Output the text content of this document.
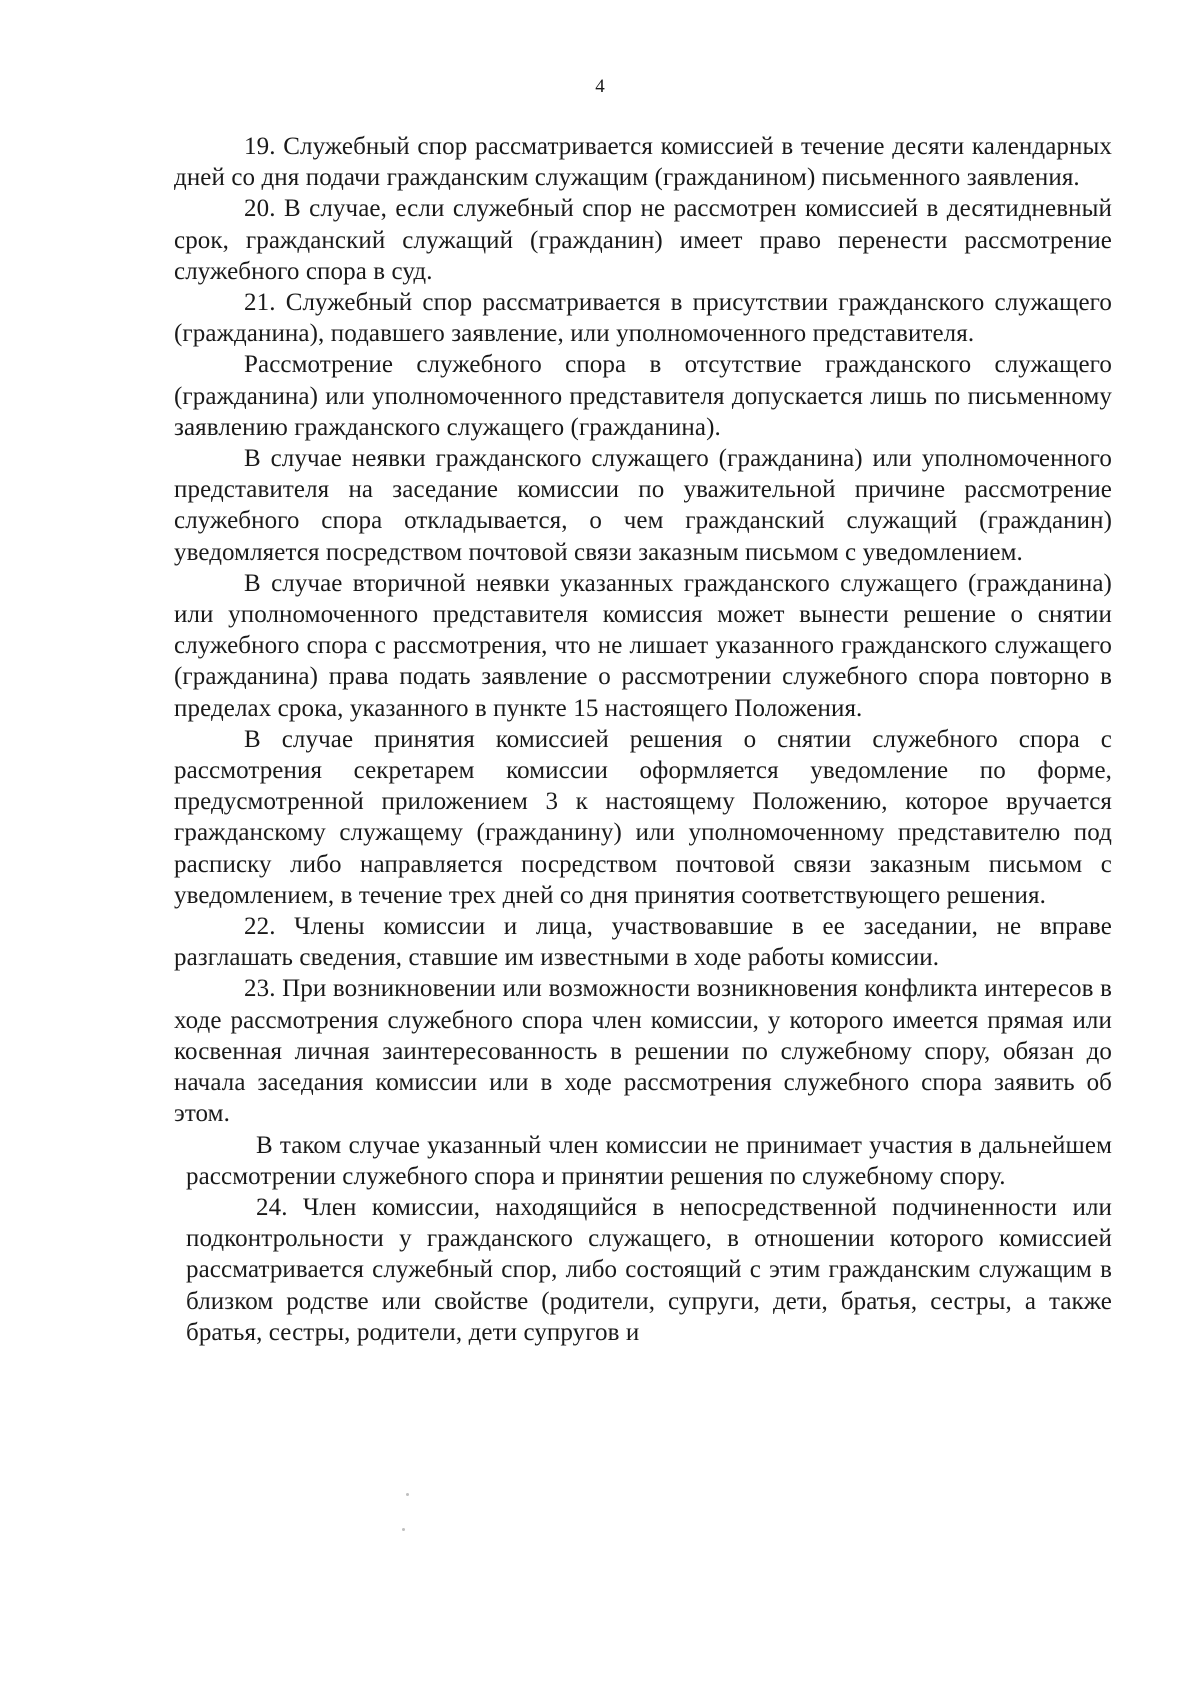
4

19. Служебный спор рассматривается комиссией в течение десяти календарных дней со дня подачи гражданским служащим (гражданином) письменного заявления.

20. В случае, если служебный спор не рассмотрен комиссией в десятидневный срок, гражданский служащий (гражданин) имеет право перенести рассмотрение служебного спора в суд.

21. Служебный спор рассматривается в присутствии гражданского служащего (гражданина), подавшего заявление, или уполномоченного представителя.

Рассмотрение служебного спора в отсутствие гражданского служащего (гражданина) или уполномоченного представителя допускается лишь по письменному заявлению гражданского служащего (гражданина).

В случае неявки гражданского служащего (гражданина) или уполномоченного представителя на заседание комиссии по уважительной причине рассмотрение служебного спора откладывается, о чем гражданский служащий (гражданин) уведомляется посредством почтовой связи заказным письмом с уведомлением.

В случае вторичной неявки указанных гражданского служащего (гражданина) или уполномоченного представителя комиссия может вынести решение о снятии служебного спора с рассмотрения, что не лишает указанного гражданского служащего (гражданина) права подать заявление о рассмотрении служебного спора повторно в пределах срока, указанного в пункте 15 настоящего Положения.

В случае принятия комиссией решения о снятии служебного спора с рассмотрения секретарем комиссии оформляется уведомление по форме, предусмотренной приложением 3 к настоящему Положению, которое вручается гражданскому служащему (гражданину) или уполномоченному представителю под расписку либо направляется посредством почтовой связи заказным письмом с уведомлением, в течение трех дней со дня принятия соответствующего решения.

22. Члены комиссии и лица, участвовавшие в ее заседании, не вправе разглашать сведения, ставшие им известными в ходе работы комиссии.

23. При возникновении или возможности возникновения конфликта интересов в ходе рассмотрения служебного спора член комиссии, у которого имеется прямая или косвенная личная заинтересованность в решении по служебному спору, обязан до начала заседания комиссии или в ходе рассмотрения служебного спора заявить об этом.

В таком случае указанный член комиссии не принимает участия в дальнейшем рассмотрении служебного спора и принятии решения по служебному спору.

24. Член комиссии, находящийся в непосредственной подчиненности или подконтрольности у гражданского служащего, в отношении которого комиссией рассматривается служебный спор, либо состоящий с этим гражданским служащим в близком родстве или свойстве (родители, супруги, дети, братья, сестры, а также братья, сестры, родители, дети супругов и
